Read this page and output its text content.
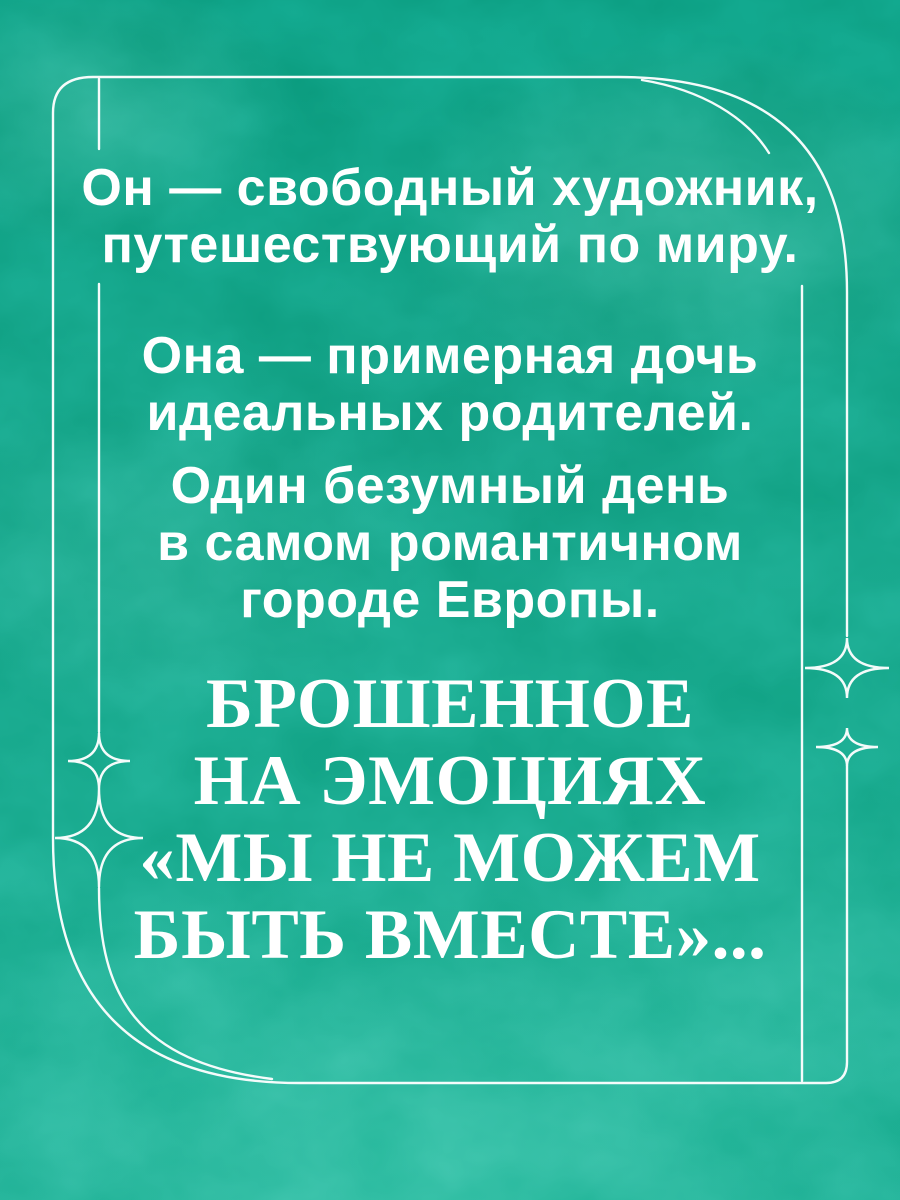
Он — свободный художник,
путешествующий по миру.
Она — примерная дочь
идеальных родителей.
Один безумный день
в самом романтичном
городе Европы.
БРОШЕННОЕ
НА ЭМОЦИЯХ
«МЫ НЕ МОЖЕМ
БЫТЬ ВМЕСТЕ»...
